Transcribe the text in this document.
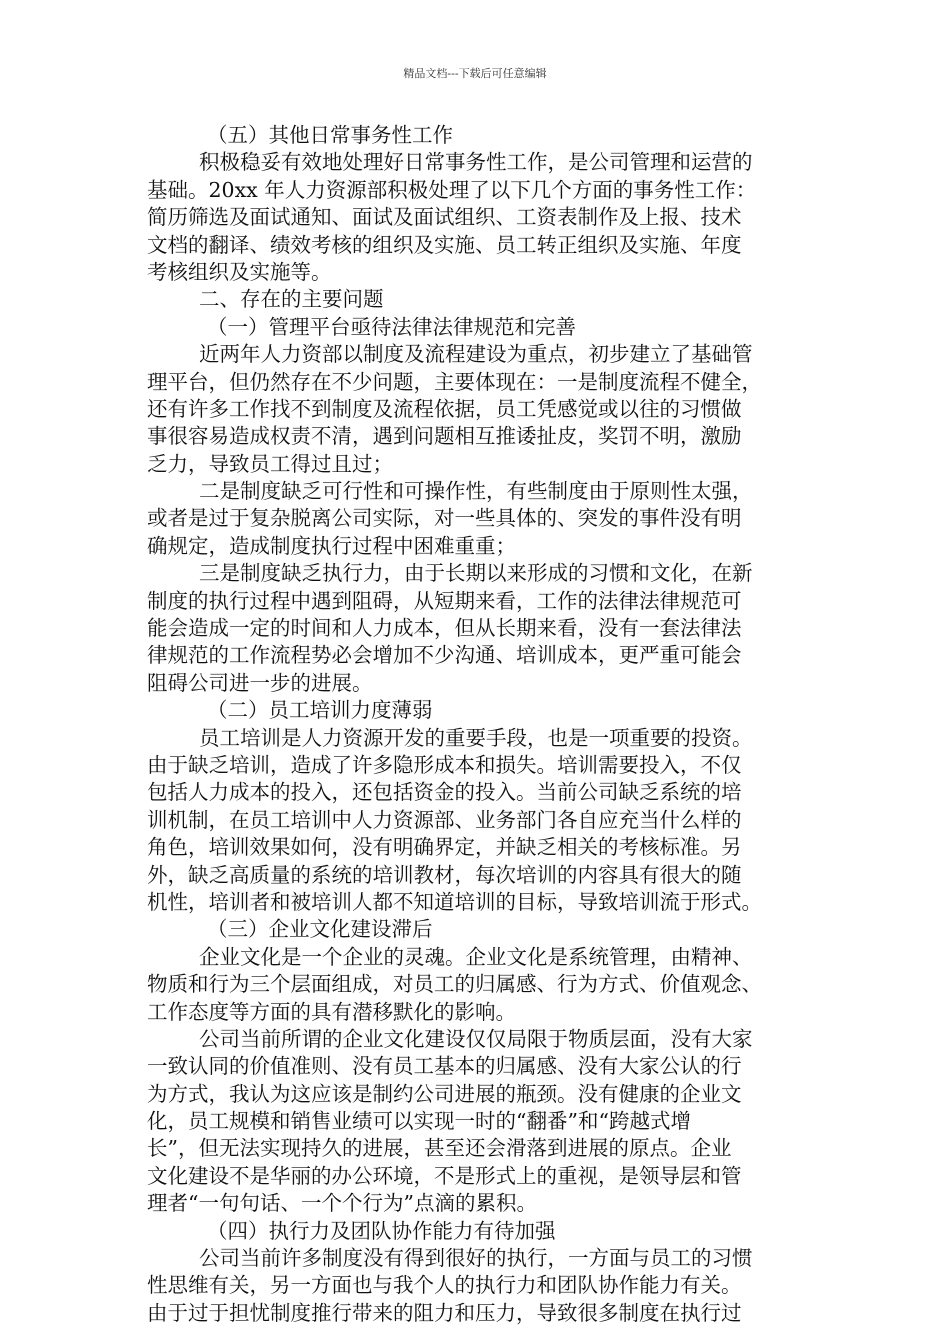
精品文档---下载后可任意编辑
（五）其他日常事务性工作
积极稳妥有效地处理好日常事务性工作，是公司管理和运营的
基础。20xx 年人力资源部积极处理了以下几个方面的事务性工作：
简历筛选及面试通知、面试及面试组织、工资表制作及上报、技术
文档的翻译、绩效考核的组织及实施、员工转正组织及实施、年度
考核组织及实施等。
二、存在的主要问题
（一）管理平台亟待法律法律规范和完善
近两年人力资部以制度及流程建设为重点，初步建立了基础管
理平台，但仍然存在不少问题，主要体现在：一是制度流程不健全，
还有许多工作找不到制度及流程依据，员工凭感觉或以往的习惯做
事很容易造成权责不清，遇到问题相互推诿扯皮，奖罚不明，激励
乏力，导致员工得过且过；
二是制度缺乏可行性和可操作性，有些制度由于原则性太强，
或者是过于复杂脱离公司实际，对一些具体的、突发的事件没有明
确规定，造成制度执行过程中困难重重；
三是制度缺乏执行力，由于长期以来形成的习惯和文化，在新
制度的执行过程中遇到阻碍，从短期来看，工作的法律法律规范可
能会造成一定的时间和人力成本，但从长期来看，没有一套法律法
律规范的工作流程势必会增加不少沟通、培训成本，更严重可能会
阻碍公司进一步的进展。
（二）员工培训力度薄弱
员工培训是人力资源开发的重要手段，也是一项重要的投资。
由于缺乏培训，造成了许多隐形成本和损失。培训需要投入，不仅
包括人力成本的投入，还包括资金的投入。当前公司缺乏系统的培
训机制，在员工培训中人力资源部、业务部门各自应充当什么样的
角色，培训效果如何，没有明确界定，并缺乏相关的考核标准。另
外，缺乏高质量的系统的培训教材，每次培训的内容具有很大的随
机性，培训者和被培训人都不知道培训的目标，导致培训流于形式。
（三）企业文化建设滞后
企业文化是一个企业的灵魂。企业文化是系统管理，由精神、
物质和行为三个层面组成，对员工的归属感、行为方式、价值观念、
工作态度等方面的具有潜移默化的影响。
公司当前所谓的企业文化建设仅仅局限于物质层面，没有大家
一致认同的价值准则、没有员工基本的归属感、没有大家公认的行
为方式，我认为这应该是制约公司进展的瓶颈。没有健康的企业文
化，员工规模和销售业绩可以实现一时的“翻番”和“跨越式增
长”，但无法实现持久的进展，甚至还会滑落到进展的原点。企业
文化建设不是华丽的办公环境，不是形式上的重视，是领导层和管
理者“一句句话、一个个行为”点滴的累积。
（四）执行力及团队协作能力有待加强
公司当前许多制度没有得到很好的执行，一方面与员工的习惯
性思维有关，另一方面也与我个人的执行力和团队协作能力有关。
由于过于担忧制度推行带来的阻力和压力，导致很多制度在执行过
